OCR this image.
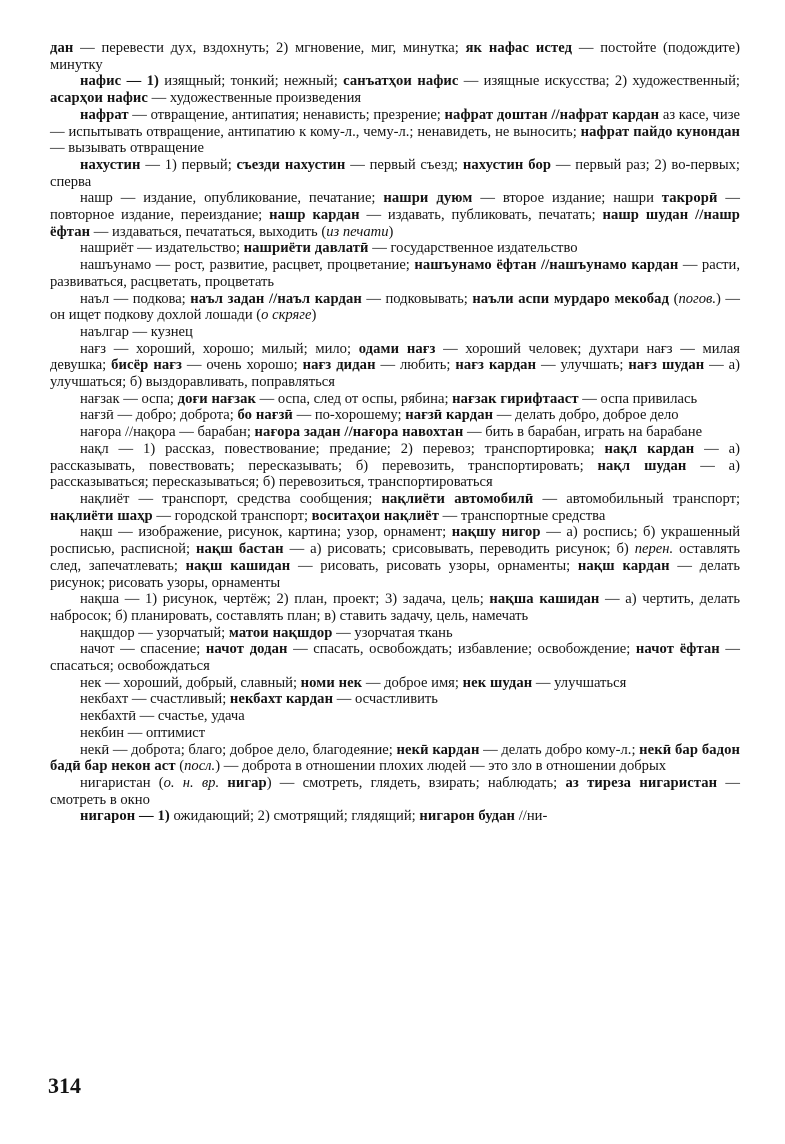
дан — перевести дух, вздохнуть; 2) мгновение, миг, минутка; як нафас истед — постойте (подождите) минутку

нафис — 1) изящный; тонкий; нежный; санъатҳои нафис — изящные искусства; 2) художественный; асарҳои нафис — художественные произведения

нафрат — отвращение, антипатия; ненависть; презрение; нафрат доштан //нафрат кардан аз касе, чизе — испытывать отвращение, антипатию к кому-л., чему-л.; ненавидеть, не выносить; нафрат пайдо кунондан — вызывать отвращение

нахустин — 1) первый; съезди нахустин — первый съезд; нахустин бор — первый раз; 2) во-первых; сперва

нашр — издание, опубликование, печатание; нашри дуюм — второе издание; нашри такрорӣ — повторное издание, переиздание; нашр кардан — издавать, публиковать, печатать; нашр шудан //нашр ёфтан — издаваться, печататься, выходить (из печати)

нашриёт — издательство; нашриёти давлатӣ — государственное издательство

нашъунамо — рост, развитие, расцвет, процветание; нашъунамо ёфтан //нашъунамо кардан — расти, развиваться, расцветать, процветать

наъл — подкова; наъл задан //наъл кардан — подковывать; наъли аспи мурдаро мекобад (погов.) — он ищет подкову дохлой лошади (о скряге)

наългар — кузнец

нағз — хороший, хорошо; милый; мило; одами нағз — хороший человек; духтари нағз — милая девушка; бисёр нағз — очень хорошо; нағз дидан — любить; нағз кардан — улучшать; нағз шудан — а) улучшаться; б) выздоравливать, поправляться

нағзак — оспа; доғи нағзак — оспа, след от оспы, рябина; нағзак гирифтааст — оспа привилась

нағзӣ — добро; доброта; бо нағзӣ — по-хорошему; нағзӣ кардан — делать добро, доброе дело

нағора //нақора — барабан; нағора задан //нағора навохтан — бить в барабан, играть на барабане

нақл — 1) рассказ, повествование; предание; 2) перевоз; транспортировка; нақл кардан — а) рассказывать, повествовать; пересказывать; б) перевозить, транспортировать; нақл шудан — а) рассказываться; пересказываться; б) перевозиться, транспортироваться

нақлиёт — транспорт, средства сообщения; нақлиёти автомобилӣ — автомобильный транспорт; нақлиёти шаҳр — городской транспорт; воситаҳои нақлиёт — транспортные средства

нақш — изображение, рисунок, картина; узор, орнамент; нақшу нигор — а) роспись; б) украшенный росписью, расписной; нақш бастан — а) рисовать; срисовывать, переводить рисунок; б) перен. оставлять след, запечатлевать; нақш кашидан — рисовать, рисовать узоры, орнаменты; нақш кардан — делать рисунок; рисовать узоры, орнаменты

нақша — 1) рисунок, чертёж; 2) план, проект; 3) задача, цель; нақша кашидан — а) чертить, делать набросок; б) планировать, составлять план; в) ставить задачу, цель, намечать

нақшдор — узорчатый; матои нақшдор — узорчатая ткань

начот — спасение; начот додан — спасать, освобождать; избавление; освобождение; начот ёфтан — спасаться; освобождаться

нек — хороший, добрый, славный; номи нек — доброе имя; нек шудан — улучшаться

некбахт — счастливый; некбахт кардан — осчастливить

некбахтӣ — счастье, удача

некбин — оптимист

некӣ — доброта; благо; доброе дело, благодеяние; некӣ кардан — делать добро кому-л.; некӣ бар бадон бадӣ бар некон аст (посл.) — доброта в отношении плохих людей — это зло в отношении добрых

нигаристан (о. н. вр. нигар) — смотреть, глядеть, взирать; наблюдать; аз тиреза нигаристан — смотреть в окно

нигарон — 1) ожидающий; 2) смотрящий; глядящий; нигарон будан //ни-

314
